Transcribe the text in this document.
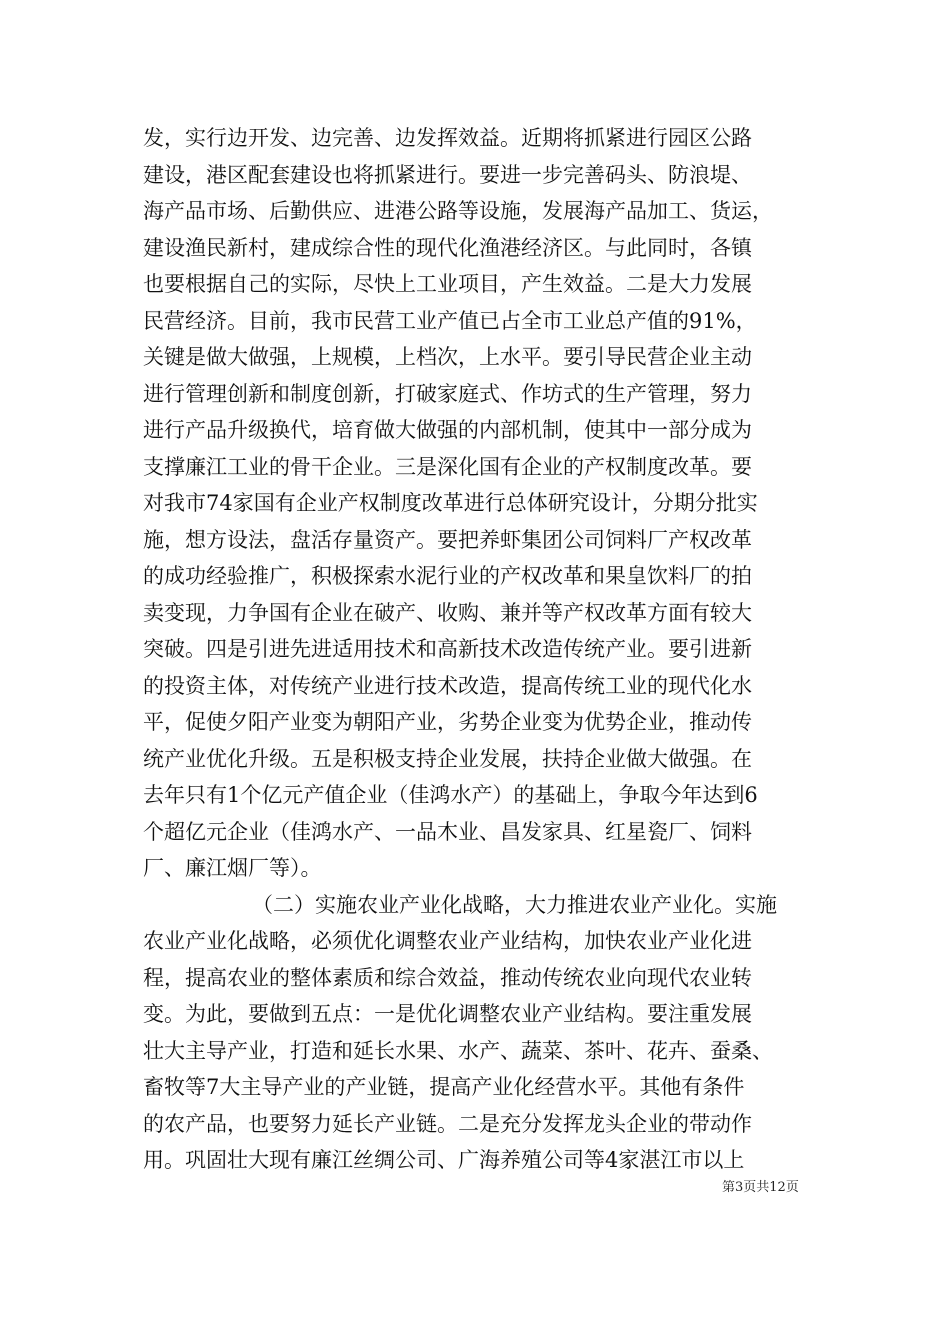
发，实行边开发、边完善、边发挥效益。近期将抓紧进行园区公路
建设，港区配套建设也将抓紧进行。要进一步完善码头、防浪堤、
海产品市场、后勤供应、进港公路等设施，发展海产品加工、货运，
建设渔民新村，建成综合性的现代化渔港经济区。与此同时，各镇
也要根据自己的实际，尽快上工业项目，产生效益。二是大力发展
民营经济。目前，我市民营工业产值已占全市工业总产值的91%，
关键是做大做强，上规模，上档次，上水平。要引导民营企业主动
进行管理创新和制度创新，打破家庭式、作坊式的生产管理，努力
进行产品升级换代，培育做大做强的内部机制，使其中一部分成为
支撑廉江工业的骨干企业。三是深化国有企业的产权制度改革。要
对我市74家国有企业产权制度改革进行总体研究设计，分期分批实
施，想方设法，盘活存量资产。要把养虾集团公司饲料厂产权改革
的成功经验推广，积极探索水泥行业的产权改革和果皇饮料厂的拍
卖变现，力争国有企业在破产、收购、兼并等产权改革方面有较大
突破。四是引进先进适用技术和高新技术改造传统产业。要引进新
的投资主体，对传统产业进行技术改造，提高传统工业的现代化水
平，促使夕阳产业变为朝阳产业，劣势企业变为优势企业，推动传
统产业优化升级。五是积极支持企业发展，扶持企业做大做强。在
去年只有1个亿元产值企业（佳鸿水产）的基础上，争取今年达到6
个超亿元企业（佳鸿水产、一品木业、昌发家具、红星瓷厂、饲料
厂、廉江烟厂等）。
（二）实施农业产业化战略，大力推进农业产业化。实施
农业产业化战略，必须优化调整农业产业结构，加快农业产业化进
程，提高农业的整体素质和综合效益，推动传统农业向现代农业转
变。为此，要做到五点：一是优化调整农业产业结构。要注重发展
壮大主导产业，打造和延长水果、水产、蔬菜、茶叶、花卉、蚕桑、
畜牧等7大主导产业的产业链，提高产业化经营水平。其他有条件
的农产品，也要努力延长产业链。二是充分发挥龙头企业的带动作
用。巩固壮大现有廉江丝绸公司、广海养殖公司等4家湛江市以上
第3页共12页
